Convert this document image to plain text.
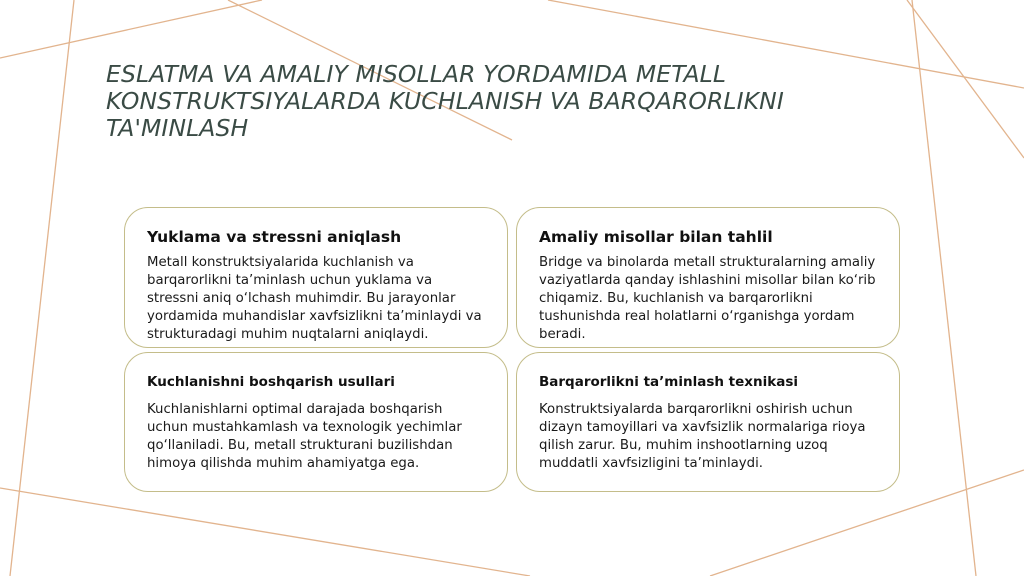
ESLATMA VA AMALIY MISOLLAR YORDAMIDA METALL KONSTRUKTSIYALARDA KUCHLANISH VA BARQARORLIKNI TA'MINLASH
Yuklama va stressni aniqlash

Metall konstruktsiyalarida kuchlanish va barqarorlikni ta’minlash uchun yuklama va stressni aniq o‘lchash muhimdir. Bu jarayonlar yordamida muhandislar xavfsizlikni ta’minlaydi va strukturadagi muhim nuqtalarni aniqlaydi.

Amaliy misollar bilan tahlil

Bridge va binolarda metall strukturalarning amaliy vaziyatlarda qanday ishlashini misollar bilan ko‘rib chiqamiz. Bu, kuchlanish va barqarorlikni tushunishda real holatlarni o‘rganishga yordam beradi.

Kuchlanishni boshqarish usullari

Kuchlanishlarni optimal darajada boshqarish uchun mustahkamlash va texnologik yechimlar qo‘llaniladi. Bu, metall strukturani buzilishdan himoya qilishda muhim ahamiyatga ega.

Barqarorlikni ta’minlash texnikasi

Konstruktsiyalarda barqarorlikni oshirish uchun dizayn tamoyillari va xavfsizlik normalariga rioya qilish zarur. Bu, muhim inshootlarning uzoq muddatli xavfsizligini ta’minlaydi.
